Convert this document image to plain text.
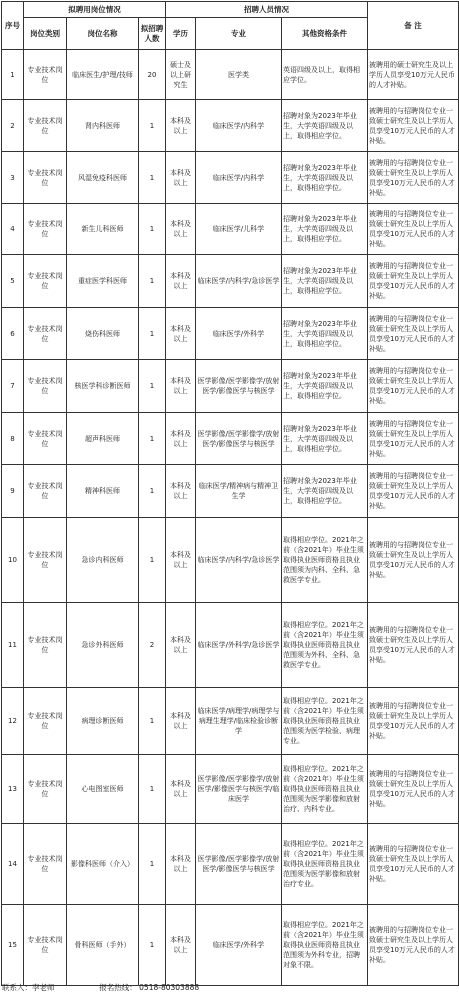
序号	拟聘用岗位情况			招聘人员情况			备 注
	岗位类别	岗位名称	拟招聘人数	学历	专业	其他资格条件	
1	专业技术岗位	临床医生/护理/技师	20	硕士及以上研究生	医学类	英语四级及以上，取得相应学位。	被聘用的硕士研究生及以上学历人员享受10万元人民币的人才补贴。
2	专业技术岗位	肾内科医师	1	本科及以上	临床医学/内科学	招聘对象为2023年毕业生，大学英语四级及以上，取得相应学位。	被聘用的与招聘岗位专业一致硕士研究生及以上学历人员享受10万元人民币的人才补贴。
3	专业技术岗位	风湿免疫科医师	1	本科及以上	临床医学/内科学	招聘对象为2023年毕业生，大学英语四级及以上，取得相应学位。	被聘用的与招聘岗位专业一致硕士研究生及以上学历人员享受10万元人民币的人才补贴。
4	专业技术岗位	新生儿科医师	1	本科及以上	临床医学/儿科学	招聘对象为2023年毕业生，大学英语四级及以上，取得相应学位。	被聘用的与招聘岗位专业一致硕士研究生及以上学历人员享受10万元人民币的人才补贴。
5	专业技术岗位	重症医学科医师	1	本科及以上	临床医学/内科学/急诊医学	招聘对象为2023年毕业生，大学英语四级及以上，取得相应学位。	被聘用的与招聘岗位专业一致硕士研究生及以上学历人员享受10万元人民币的人才补贴。
6	专业技术岗位	烧伤科医师	1	本科及以上	临床医学/外科学	招聘对象为2023年毕业生，大学英语四级及以上，取得相应学位。	被聘用的与招聘岗位专业一致硕士研究生及以上学历人员享受10万元人民币的人才补贴。
7	专业技术岗位	核医学科诊断医师	1	本科及以上	医学影像/医学影像学/放射医学/影像医学与核医学	招聘对象为2023年毕业生，大学英语四级及以上，取得相应学位。	被聘用的与招聘岗位专业一致硕士研究生及以上学历人员享受10万元人民币的人才补贴。
8	专业技术岗位	超声科医师	1	本科及以上	医学影像/医学影像学/放射医学/影像医学与核医学	招聘对象为2023年毕业生，大学英语四级及以上，取得相应学位。	被聘用的与招聘岗位专业一致硕士研究生及以上学历人员享受10万元人民币的人才补贴。
9	专业技术岗位	精神科医师	1	本科及以上	临床医学/精神病与精神卫生学	招聘对象为2023年毕业生，大学英语四级及以上，取得相应学位。	被聘用的与招聘岗位专业一致硕士研究生及以上学历人员享受10万元人民币的人才补贴。
10	专业技术岗位	急诊内科医师	1	本科及以上	临床医学/内科学/急诊医学	取得相应学位。2021年之前（含2021年）毕业生须取得执业医师资格且执业范围须为内科、全科、急救医学专业。	被聘用的与招聘岗位专业一致硕士研究生及以上学历人员享受10万元人民币的人才补贴。
11	专业技术岗位	急诊外科医师	2	本科及以上	临床医学/外科学/急诊医学	取得相应学位。2021年之前（含2021年）毕业生须取得执业医师资格且执业范围须为外科、全科、急救医学专业。	被聘用的与招聘岗位专业一致硕士研究生及以上学历人员享受10万元人民币的人才补贴。
12	专业技术岗位	病理诊断医师	1	本科及以上	临床医学/病理学/病理学与病理生理学/临床检验诊断学	取得相应学位。2021年之前（含2021年）毕业生须取得执业医师资格且执业范围须为医学检验、病理专业。	被聘用的与招聘岗位专业一致硕士研究生及以上学历人员享受10万元人民币的人才补贴。
13	专业技术岗位	心电图室医师	1	本科及以上	医学影像/医学影像学/放射医学/影像医学与核医学/临床医学	取得相应学位。2021年之前（含2021年）毕业生须取得执业医师资格且执业范围须为医学影像和放射治疗、内科专业。	被聘用的与招聘岗位专业一致硕士研究生及以上学历人员享受10万元人民币的人才补贴。
14	专业技术岗位	影像科医师（介入）	1	本科及以上	医学影像/医学影像学/放射医学/影像医学与核医学	取得相应学位。2021年之前（含2021年）毕业生须取得执业医师资格且执业范围须为医学影像和放射治疗专业。	被聘用的与招聘岗位专业一致硕士研究生及以上学历人员享受10万元人民币的人才补贴。
15	专业技术岗位	骨科医师（手外）	1	本科及以上	临床医学/外科学	取得相应学位。2021年之前（含2021年）毕业生须取得执业医师资格且执业范围须为外科专业，招聘对象不限。	被聘用的与招聘岗位专业一致硕士研究生及以上学历人员享受10万元人民币的人才补贴。
联系人：李老师	报名热线： 0518-80303888
